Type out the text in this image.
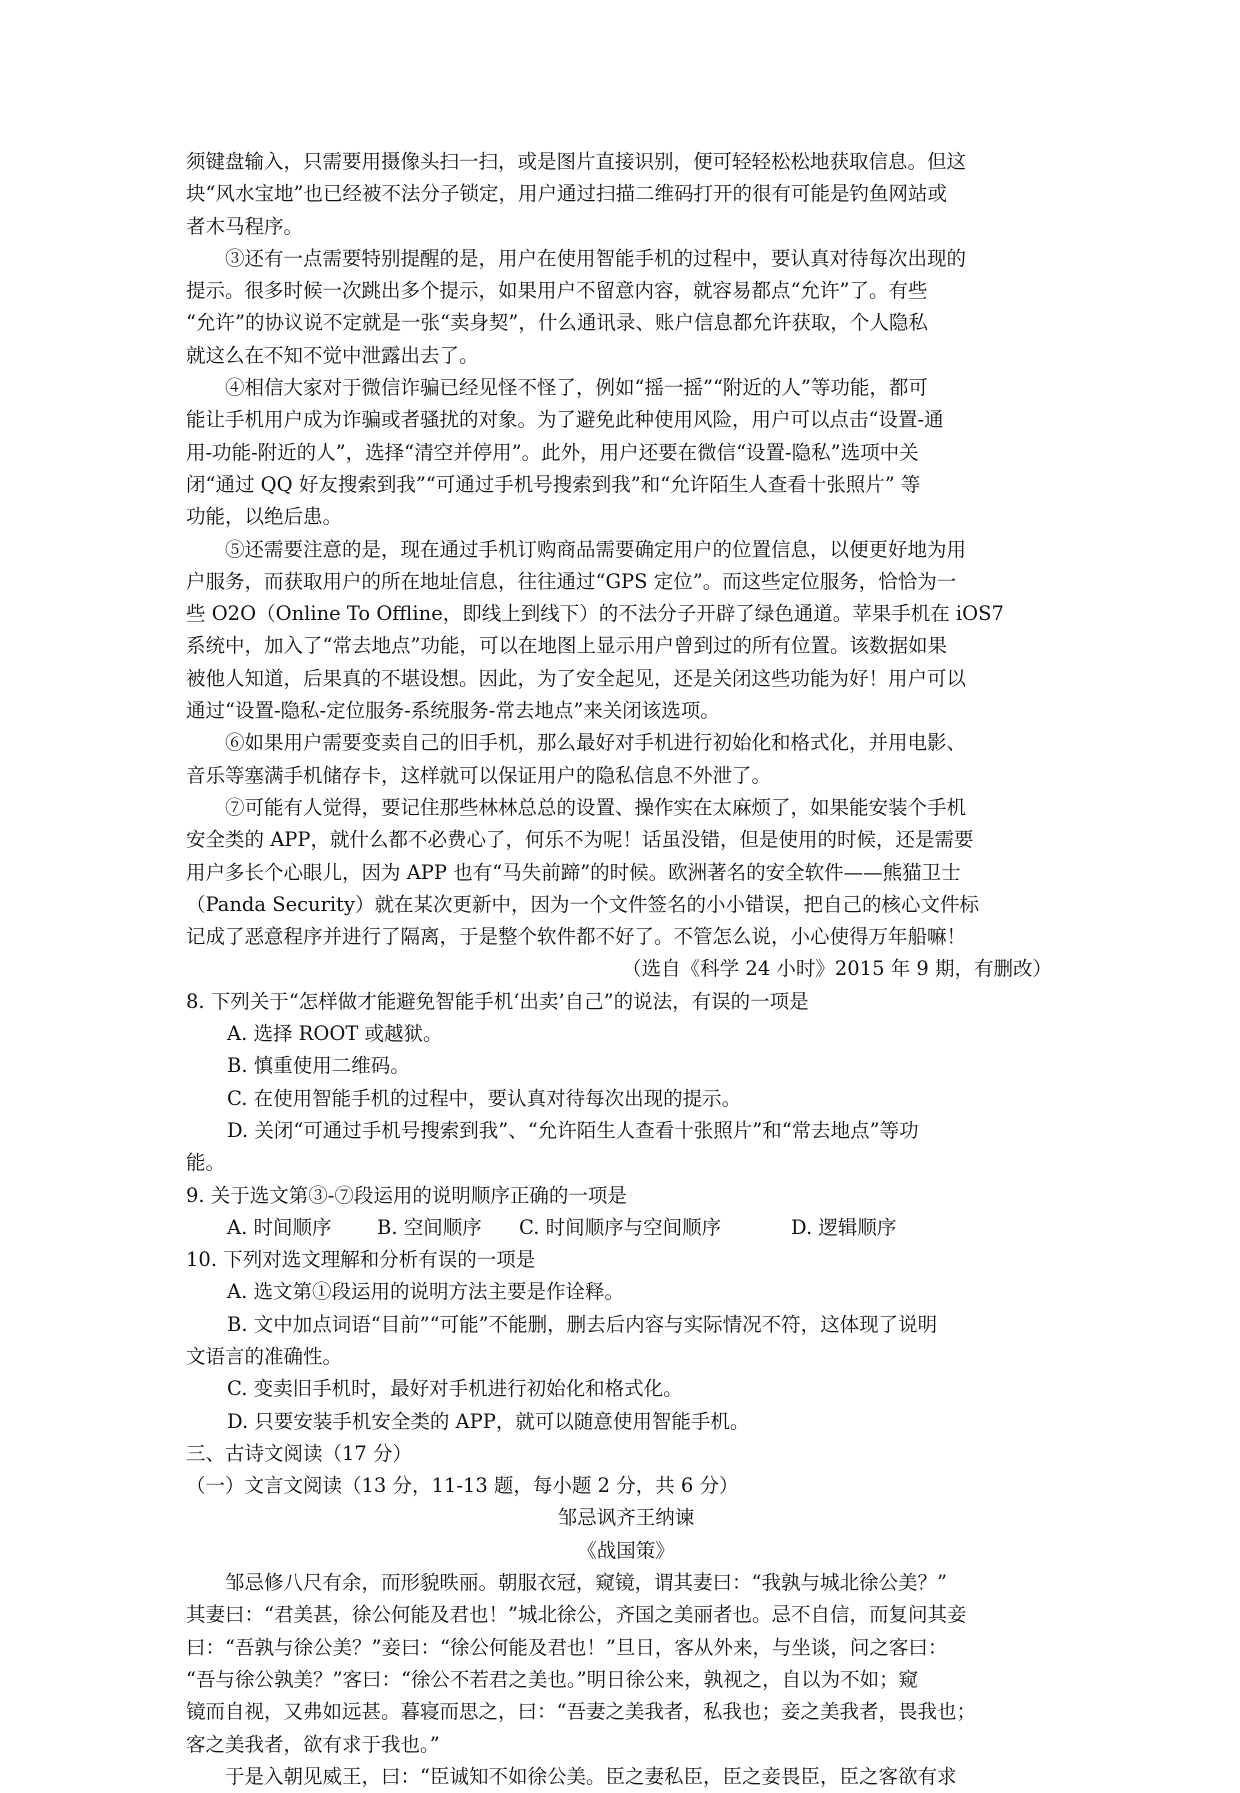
须键盘输入，只需要用摄像头扫一扫，或是图片直接识别，便可轻轻松松地获取信息。但这

块“风水宝地”也已经被不法分子锁定，用户通过扫描二维码打开的很有可能是钓鱼网站或

者木马程序。

③还有一点需要特别提醒的是，用户在使用智能手机的过程中，要认真对待每次出现的

提示。很多时候一次跳出多个提示，如果用户不留意内容，就容易都点“允许”了。有些

“允许”的协议说不定就是一张“卖身契”，什么通讯录、账户信息都允许获取，个人隐私

就这么在不知不觉中泄露出去了。

④相信大家对于微信诈骗已经见怪不怪了，例如“摇一摇”“附近的人”等功能，都可

能让手机用户成为诈骗或者骚扰的对象。为了避免此种使用风险，用户可以点击“设置-通

用-功能-附近的人”，选择“清空并停用”。此外，用户还要在微信“设置-隐私”选项中关

闭“通过 QQ 好友搜索到我”“可通过手机号搜索到我”和“允许陌生人查看十张照片” 等

功能，以绝后患。

⑤还需要注意的是，现在通过手机订购商品需要确定用户的位置信息，以便更好地为用

户服务，而获取用户的所在地址信息，往往通过“GPS 定位”。而这些定位服务，恰恰为一

些 O2O（Online To Offline，即线上到线下）的不法分子开辟了绿色通道。苹果手机在 iOS7

系统中，加入了“常去地点”功能，可以在地图上显示用户曾到过的所有位置。该数据如果

被他人知道，后果真的不堪设想。因此，为了安全起见，还是关闭这些功能为好！用户可以

通过“设置-隐私-定位服务-系统服务-常去地点”来关闭该选项。

⑥如果用户需要变卖自己的旧手机，那么最好对手机进行初始化和格式化，并用电影、

音乐等塞满手机储存卡，这样就可以保证用户的隐私信息不外泄了。

⑦可能有人觉得，要记住那些林林总总的设置、操作实在太麻烦了，如果能安装个手机

安全类的 APP，就什么都不必费心了，何乐不为呢！话虽没错，但是使用的时候，还是需要

用户多长个心眼儿，因为 APP 也有“马失前蹄”的时候。欧洲著名的安全软件——熊猫卫士

（Panda Security）就在某次更新中，因为一个文件签名的小小错误，把自己的核心文件标

记成了恶意程序并进行了隔离，于是整个软件都不好了。不管怎么说，小心使得万年船嘛！

（选自《科学 24 小时》2015 年 9 期，有删改）

8. 下列关于“怎样做才能避免智能手机‘出卖’自己”的说法，有误的一项是

A. 选择 ROOT 或越狱。

B. 慎重使用二维码。

C. 在使用智能手机的过程中，要认真对待每次出现的提示。

D. 关闭“可通过手机号搜索到我”、“允许陌生人查看十张照片”和“常去地点”等功

能。

9. 关于选文第③-⑦段运用的说明顺序正确的一项是

A. 时间顺序	B. 空间顺序	C. 时间顺序与空间顺序	D. 逻辑顺序

10. 下列对选文理解和分析有误的一项是

A. 选文第①段运用的说明方法主要是作诠释。

B. 文中加点词语“目前”“可能”不能删，删去后内容与实际情况不符，这体现了说明

文语言的准确性。

C. 变卖旧手机时，最好对手机进行初始化和格式化。

D. 只要安装手机安全类的 APP，就可以随意使用智能手机。

三、古诗文阅读（17 分）

（一）文言文阅读（13 分，11-13 题，每小题 2 分，共 6 分）

邹忌讽齐王纳谏

《战国策》

邹忌修八尺有余，而形貌昳丽。朝服衣冠，窥镜，谓其妻曰：“我孰与城北徐公美？”

其妻曰：“君美甚，徐公何能及君也！”城北徐公，齐国之美丽者也。忌不自信，而复问其妾

曰：“吾孰与徐公美？”妾曰：“徐公何能及君也！”旦日，客从外来，与坐谈，问之客曰：

“吾与徐公孰美？”客曰：“徐公不若君之美也。”明日徐公来，孰视之，自以为不如；窥

镜而自视，又弗如远甚。暮寝而思之，曰：“吾妻之美我者，私我也；妾之美我者，畏我也；

客之美我者，欲有求于我也。”

于是入朝见威王，曰：“臣诚知不如徐公美。臣之妻私臣，臣之妾畏臣，臣之客欲有求
